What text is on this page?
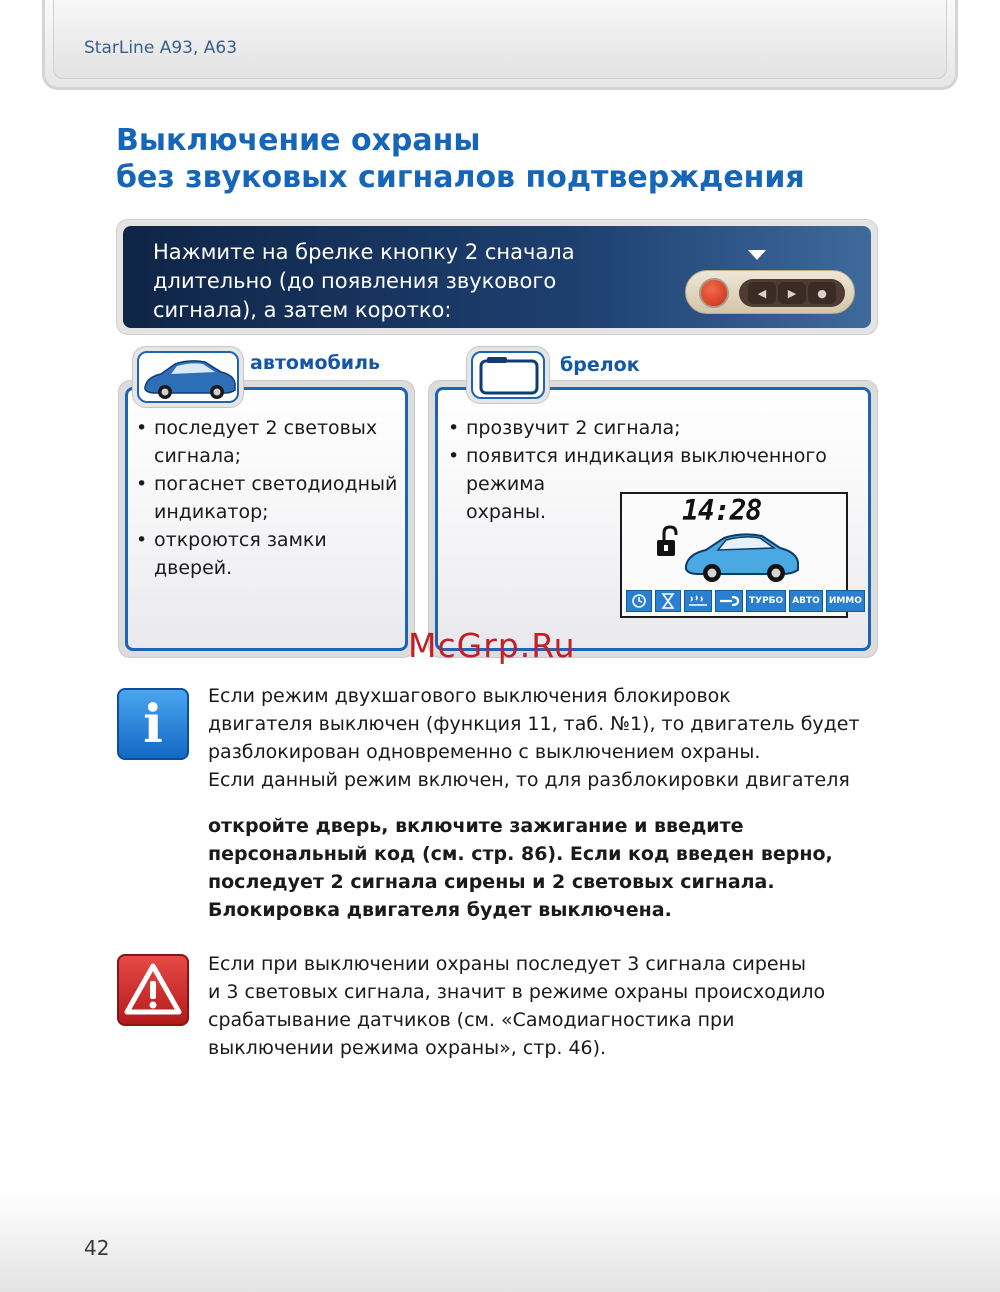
StarLine A93, A63
Выключение охраны
без звуковых сигналов подтверждения
Нажмите на брелке кнопку 2 сначала
длительно (до появления звукового
сигнала), а затем коротко:
◀	▶	●
автомобиль
• последует 2 световых сигнала;
• погаснет светодиодный индикатор;
• откроются замки дверей.
брелок
• прозвучит 2 сигнала;
• появится индикация выключенного
режима
охраны.	14:28
ТУРБО	АВТО	ИММО
McGrp.Ru
i	Если режим двухшагового выключения блокировок
двигателя выключен (функция 11, таб. №1), то двигатель будет
разблокирован одновременно с выключением охраны.
Если данный режим включен, то для разблокировки двигателя
откройте дверь, включите зажигание и введите
персональный код (см. стр. 86). Если код введен верно,
последует 2 сигнала сирены и 2 световых сигнала.
Блокировка двигателя будет выключена.
Если при выключении охраны последует 3 сигнала сирены
и 3 световых сигнала, значит в режиме охраны происходило
срабатывание датчиков (см. «Самодиагностика при
выключении режима охраны», стр. 46).
42
